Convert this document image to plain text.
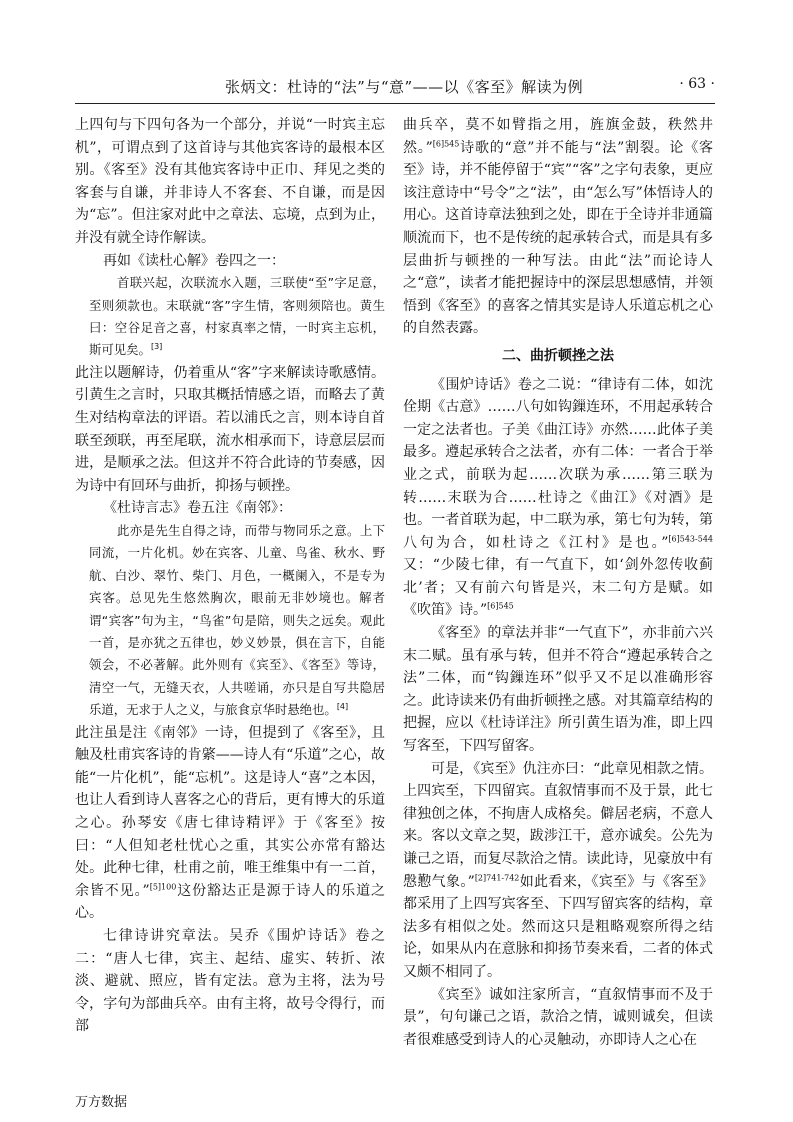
张炳文：杜诗的“法”与“意”——以《客至》解读为例	· 63 ·

上四句与下四句各为一个部分，并说“一时宾主忘机”，可谓点到了这首诗与其他宾客诗的最根本区别。《客至》没有其他宾客诗中正巾、拜见之类的客套与自谦，并非诗人不客套、不自谦，而是因为“忘”。但注家对此中之章法、忘境，点到为止，并没有就全诗作解读。

再如《读杜心解》卷四之一：

首联兴起，次联流水入题，三联使“至”字足意，至则须款也。末联就“客”字生情，客则须陪也。黄生曰：空谷足音之喜，村家真率之情，一时宾主忘机，斯可见矣。[3]

此注以题解诗，仍着重从“客”字来解读诗歌感情。引黄生之言时，只取其概括情感之语，而略去了黄生对结构章法的评语。若以浦氏之言，则本诗自首联至颈联，再至尾联，流水相承而下，诗意层层而进，是顺承之法。但这并不符合此诗的节奏感，因为诗中有回环与曲折，抑扬与顿挫。

《杜诗言志》卷五注《南邻》：

此亦是先生自得之诗，而带与物同乐之意。上下同流，一片化机。妙在宾客、儿童、鸟雀、秋水、野航、白沙、翠竹、柴门、月色，一概阑入，不是专为宾客。总见先生悠然胸次，眼前无非妙境也。解者谓“宾客”句为主，“鸟雀”句是陪，则失之远矣。观此一首，是亦犹之五律也，妙义妙景，俱在言下，自能领会，不必著解。此外则有《宾至》、《客至》等诗，清空一气，无缝天衣，人共嗟诵，亦只是自写共隐居乐道，无求于人之义，与旅食京华时悬绝也。[4]

此注虽是注《南邻》一诗，但提到了《客至》，且触及杜甫宾客诗的肯綮——诗人有“乐道”之心，故能“一片化机”，能“忘机”。这是诗人“喜”之本因，也让人看到诗人喜客之心的背后，更有博大的乐道之心。孙琴安《唐七律诗精评》于《客至》按曰：“人但知老杜忧心之重，其实公亦常有豁达处。此种七律，杜甫之前，唯王维集中有一二首，余皆不见。”$^{[5]100}$这份豁达正是源于诗人的乐道之心。

七律诗讲究章法。吴乔《围炉诗话》卷之二：“唐人七律，宾主、起结、虚实、转折、浓淡、避就、照应，皆有定法。意为主将，法为号令，字句为部曲兵卒。由有主将，故号令得行，而部

曲兵卒，莫不如臂指之用，旌旗金鼓，秩然井然。”$^{[6]545}$诗歌的“意”并不能与“法”割裂。论《客至》诗，并不能停留于“宾”“客”之字句表象，更应该注意诗中“号令”之“法”，由“怎么写”体悟诗人的用心。这首诗章法独到之处，即在于全诗并非通篇顺流而下，也不是传统的起承转合式，而是具有多层曲折与顿挫的一种写法。由此“法”而论诗人之“意”，读者才能把握诗中的深层思想感情，并领悟到《客至》的喜客之情其实是诗人乐道忘机之心的自然表露。

二、曲折顿挫之法

《围炉诗话》卷之二说：“律诗有二体，如沈佺期《古意》……八句如钩鏁连环，不用起承转合一定之法者也。子美《曲江诗》亦然……此体子美最多。遵起承转合之法者，亦有二体：一者合于举业之式，前联为起……次联为承……第三联为转……末联为合……杜诗之《曲江》《对酒》是也。一者首联为起，中二联为承，第七句为转，第八句为合，如杜诗之《江村》是也。”$^{[6]543-544}$又：“少陵七律，有一气直下，如‘剑外忽传收蓟北’者；又有前六句皆是兴，末二句方是赋。如《吹笛》诗。”$^{[6]545}$

《客至》的章法并非“一气直下”，亦非前六兴末二赋。虽有承与转，但并不符合“遵起承转合之法”二体，而“钩鏁连环”似乎又不足以准确形容之。此诗读来仍有曲折顿挫之感。对其篇章结构的把握，应以《杜诗详注》所引黄生语为准，即上四写客至，下四写留客。

可是，《宾至》仇注亦曰：“此章见相款之情。上四宾至，下四留宾。直叙情事而不及于景，此七律独创之体，不拘唐人成格矣。僻居老病，不意人来。客以文章之契，跋涉江干，意亦诚矣。公先为谦己之语，而复尽款洽之情。读此诗，见豪放中有慇懃气象。”$^{[2]741-742}$如此看来，《宾至》与《客至》都采用了上四写宾客至、下四写留宾客的结构，章法多有相似之处。然而这只是粗略观察所得之结论，如果从内在意脉和抑扬节奏来看，二者的体式又颇不相同了。

《宾至》诚如注家所言，“直叙情事而不及于景”，句句谦己之语，款洽之情，诚则诚矣，但读者很难感受到诗人的心灵触动，亦即诗人之心在

万方数据
